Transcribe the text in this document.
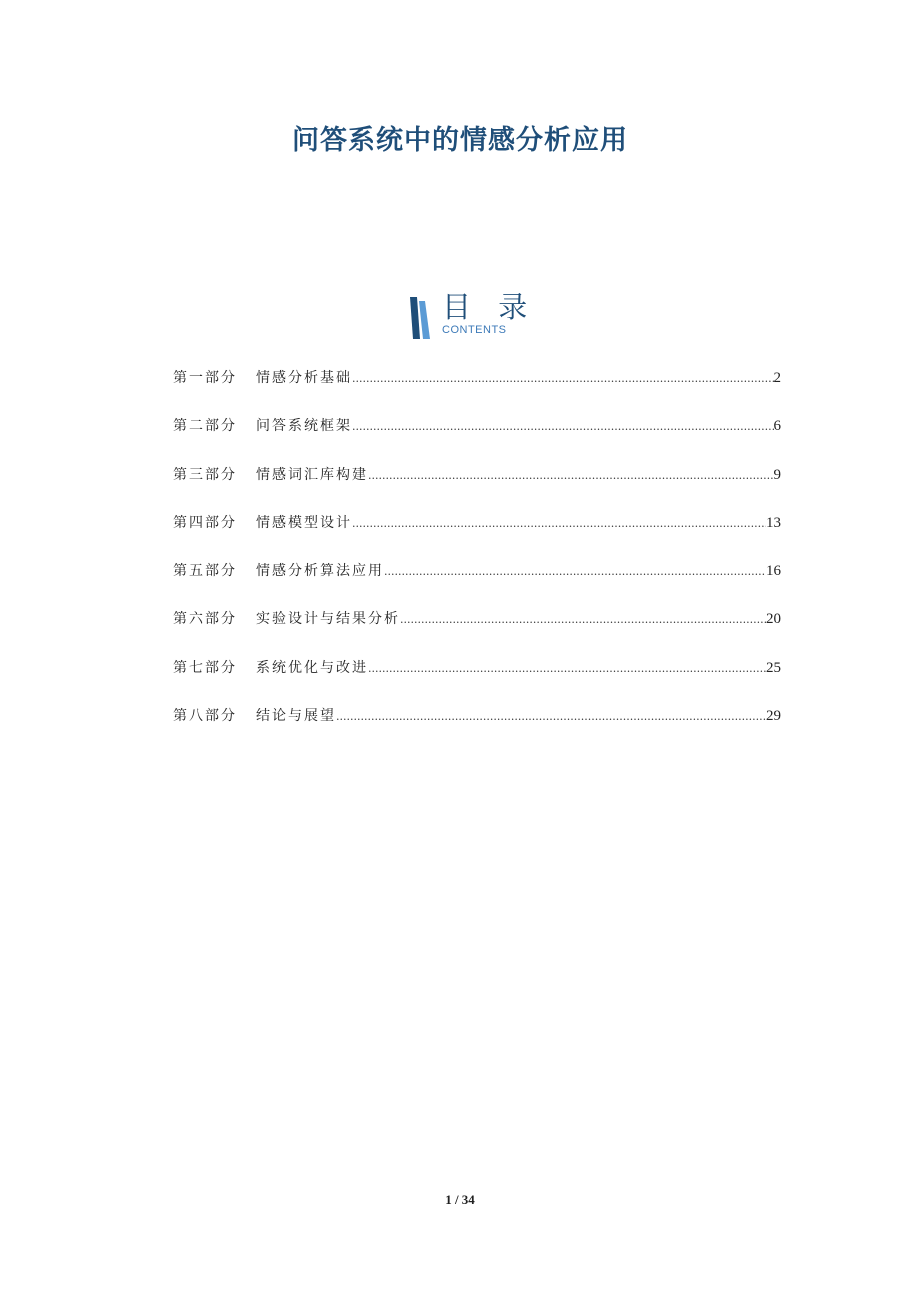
问答系统中的情感分析应用
目 录
CONTENTS
第一部分 情感分析基础 .....	2
第二部分 问答系统框架 .....	6
第三部分 情感词汇库构建 .....	9
第四部分 情感模型设计 .....	13
第五部分 情感分析算法应用 .....	16
第六部分 实验设计与结果分析 .....	20
第七部分 系统优化与改进 .....	25
第八部分 结论与展望 .....	29
1 / 34
